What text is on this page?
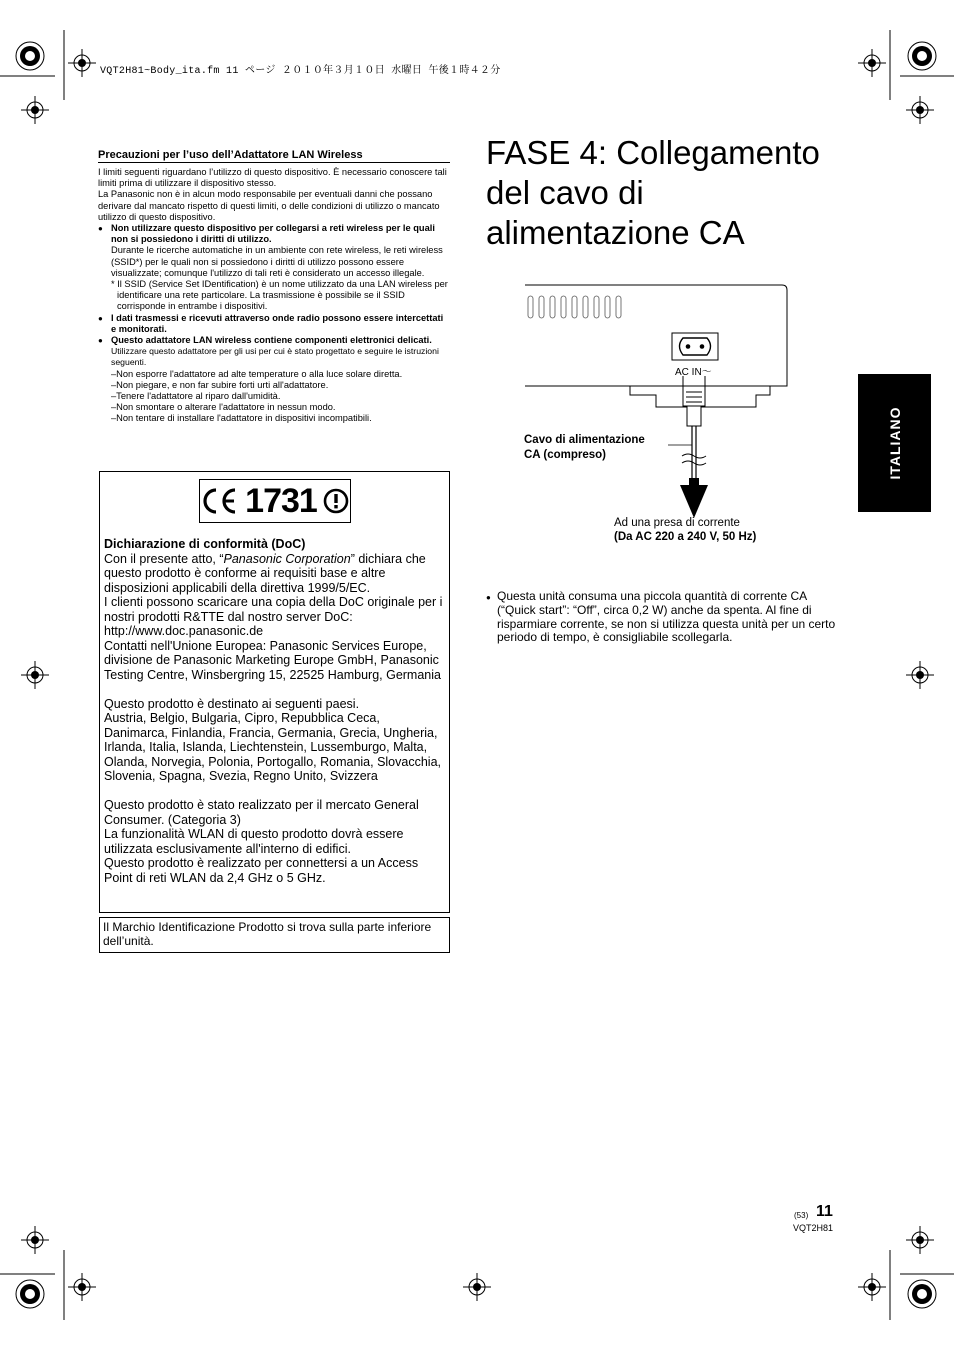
VQT2H81~Body_ita.fm 11 ページ ２０１０年３月１０日 水曜日 午後１時４２分
Precauzioni per l’uso dell’Adattatore LAN Wireless

I limiti seguenti riguardano l’utilizzo di questo dispositivo. È necessario conoscere tali limiti prima di utilizzare il dispositivo stesso.

La Panasonic non è in alcun modo responsabile per eventuali danni che possano derivare dal mancato rispetto di questi limiti, o delle condizioni di utilizzo o mancato utilizzo di questo dispositivo.

● Non utilizzare questo dispositivo per collegarsi a reti wireless per le quali non si possiedono i diritti di utilizzo.

Durante le ricerche automatiche in un ambiente con rete wireless, le reti wireless (SSID*) per le quali non si possiedono i diritti di utilizzo possono essere visualizzate; comunque l'utilizzo di tali reti è considerato un accesso illegale.

* Il SSID (Service Set IDentification) è un nome utilizzato da una LAN wireless per identificare una rete particolare. La trasmissione è possibile se il SSID corrisponde in entrambe i dispositivi.

● I dati trasmessi e ricevuti attraverso onde radio possono essere intercettati e monitorati.

● Questo adattatore LAN wireless contiene componenti elettronici delicati.

Utilizzare questo adattatore per gli usi per cui è stato progettato e seguire le istruzioni seguenti.

–Non esporre l'adattatore ad alte temperature o alla luce solare diretta.

–Non piegare, e non far subire forti urti all'adattatore.

–Tenere l'adattatore al riparo dall'umidità.

–Non smontare o alterare l'adattatore in nessun modo.

–Non tentare di installare l'adattatore in dispositivi incompatibili.

1731

Dichiarazione di conformità (DoC)

Con il presente atto, “Panasonic Corporation” dichiara che questo prodotto è conforme ai requisiti base e altre disposizioni applicabili della direttiva 1999/5/EC.

I clienti possono scaricare una copia della DoC originale per i nostri prodotti R&TTE dal nostro server DoC:

http://www.doc.panasonic.de

Contatti nell'Unione Europea: Panasonic Services Europe, divisione de Panasonic Marketing Europe GmbH, Panasonic Testing Centre, Winsbergring 15, 22525 Hamburg, Germania

Questo prodotto è destinato ai seguenti paesi.

Austria, Belgio, Bulgaria, Cipro, Repubblica Ceca, Danimarca, Finlandia, Francia, Germania, Grecia, Ungheria, Irlanda, Italia, Islanda, Liechtenstein, Lussemburgo, Malta, Olanda, Norvegia, Polonia, Portogallo, Romania, Slovacchia, Slovenia, Spagna, Svezia, Regno Unito, Svizzera

Questo prodotto è stato realizzato per il mercato General Consumer. (Categoria 3)

La funzionalità WLAN di questo prodotto dovrà essere utilizzata esclusivamente all'interno di edifici.

Questo prodotto è realizzato per connettersi a un Access Point di reti WLAN da 2,4 GHz o 5 GHz.

Il Marchio Identificazione Prodotto si trova sulla parte inferiore dell’unità.
FASE 4: Collegamento del cavo di alimentazione CA
ITALIANO
AC IN～
Cavo di alimentazione
CA (compreso)
Ad una presa di corrente
(Da AC 220 a 240 V, 50 Hz)

● Questa unità consuma una piccola quantità di corrente CA (“Quick start”: “Off”, circa 0,2 W) anche da spenta. Al fine di risparmiare corrente, se non si utilizza questa unità per un certo periodo di tempo, è consigliabile scollegarla.

(53) 11
VQT2H81
